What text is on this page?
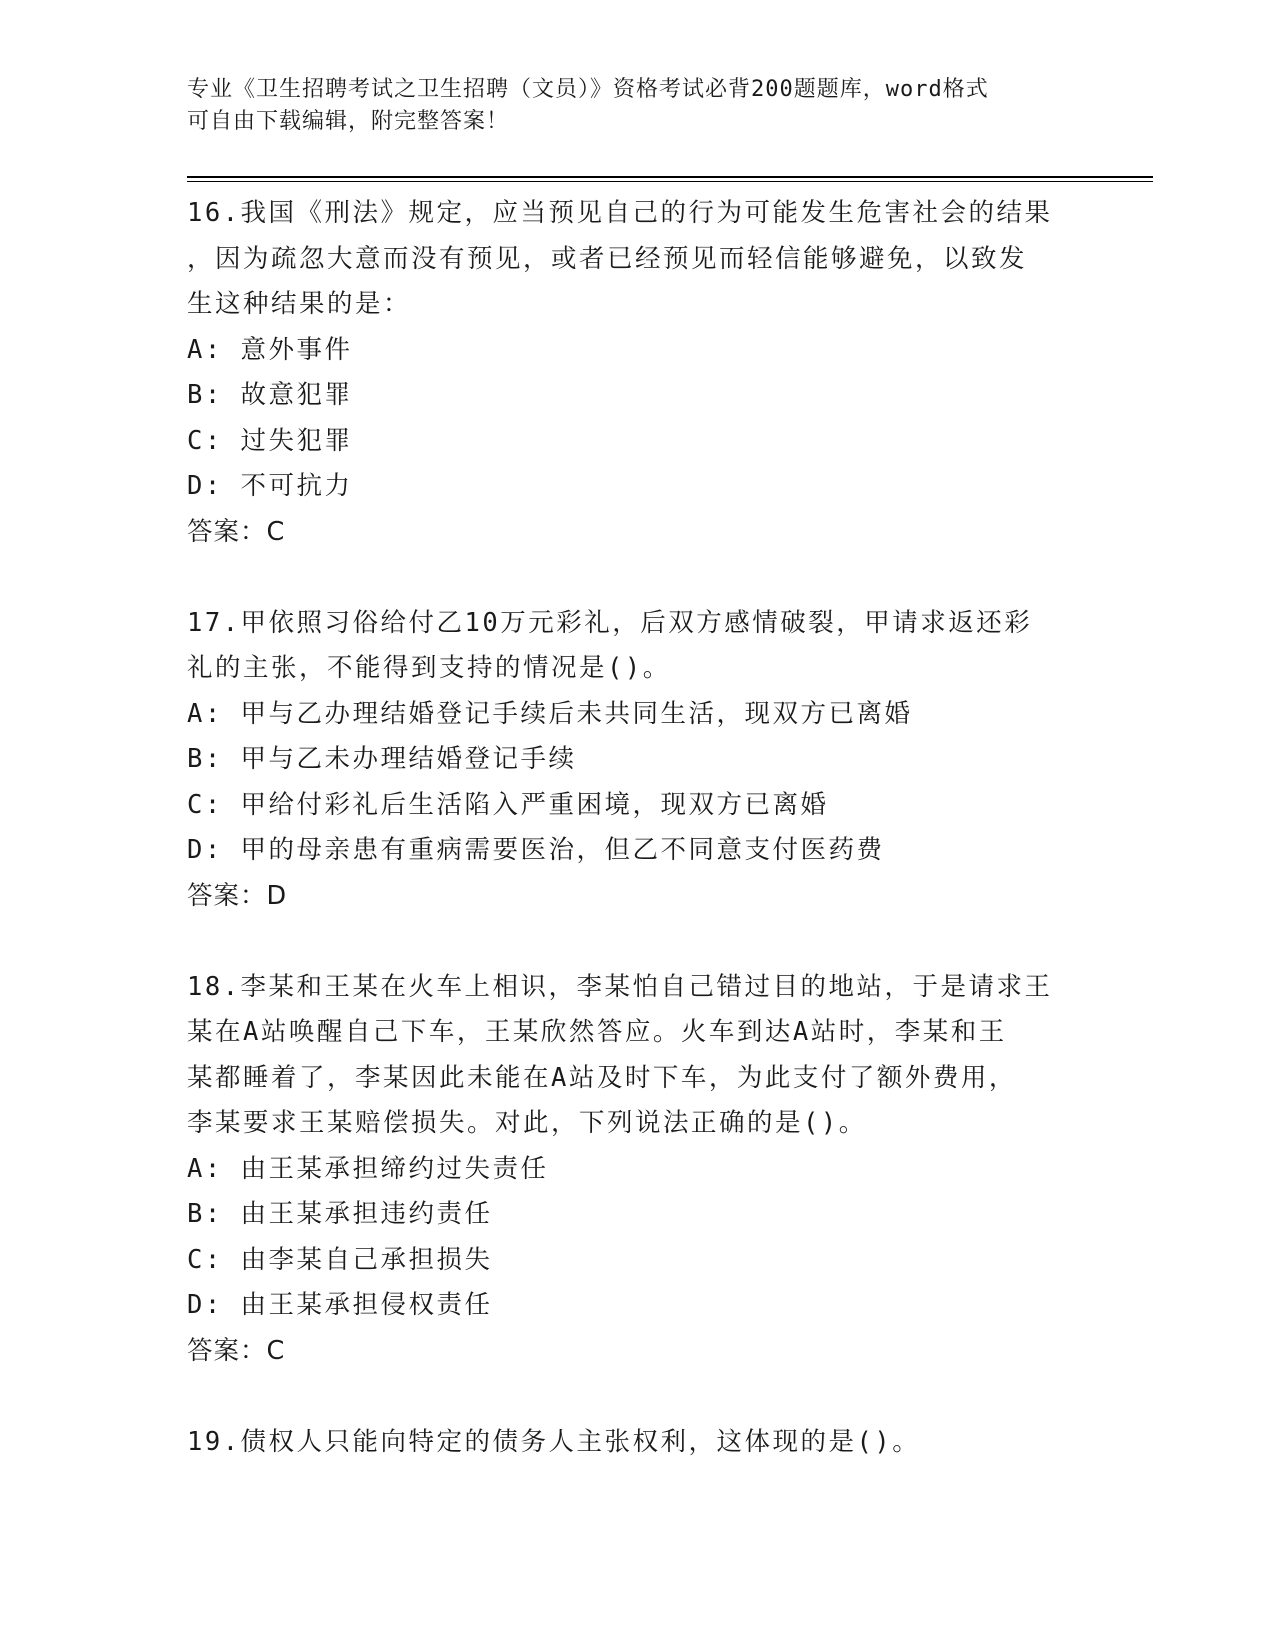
专业《卫生招聘考试之卫生招聘（文员）》资格考试必背200题题库，word格式
可自由下载编辑，附完整答案！
16.我国《刑法》规定，应当预见自己的行为可能发生危害社会的结果
，因为疏忽大意而没有预见，或者已经预见而轻信能够避免，以致发
生这种结果的是：
A: 意外事件
B: 故意犯罪
C: 过失犯罪
D: 不可抗力
答案：C
17.甲依照习俗给付乙10万元彩礼，后双方感情破裂，甲请求返还彩
礼的主张，不能得到支持的情况是()。
A: 甲与乙办理结婚登记手续后未共同生活，现双方已离婚
B: 甲与乙未办理结婚登记手续
C: 甲给付彩礼后生活陷入严重困境，现双方已离婚
D: 甲的母亲患有重病需要医治，但乙不同意支付医药费
答案：D
18.李某和王某在火车上相识，李某怕自己错过目的地站，于是请求王
某在A站唤醒自己下车，王某欣然答应。火车到达A站时，李某和王
某都睡着了，李某因此未能在A站及时下车，为此支付了额外费用，
李某要求王某赔偿损失。对此，下列说法正确的是()。
A: 由王某承担缔约过失责任
B: 由王某承担违约责任
C: 由李某自己承担损失
D: 由王某承担侵权责任
答案：C
19.债权人只能向特定的债务人主张权利，这体现的是()。
